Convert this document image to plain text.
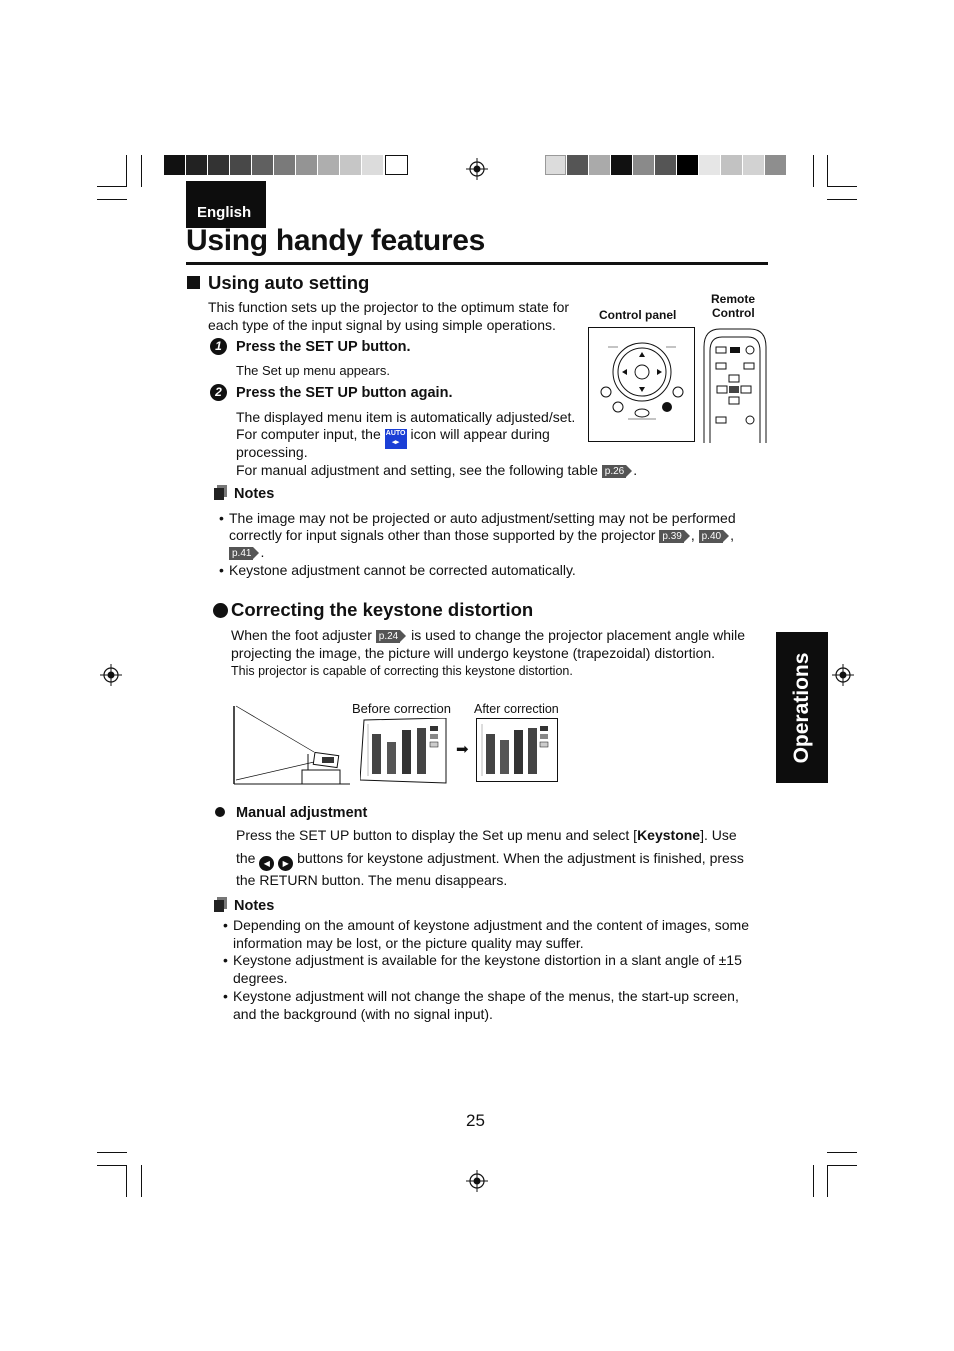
English
Using handy features
Operations
Using auto setting
This function sets up the projector to the optimum state for
each type of the input signal by using simple operations.
1 Press the SET UP button.
The Set up menu appears.
2 Press the SET UP button again.
The displayed menu item is automatically adjusted/set.
For computer input, the AUTO
◂▸ icon will appear during
processing.
For manual adjustment and setting, see the following table p.26 .
Control panel
Remote
Control
Notes
• The image may not be projected or auto adjustment/setting may not be performed
correctly for input signals other than those supported by the projector p.39 , p.40 ,
p.41 .
• Keystone adjustment cannot be corrected automatically.
Correcting the keystone distortion
When the foot adjuster p.24 is used to change the projector placement angle while
projecting the image, the picture will undergo keystone (trapezoidal) distortion.
This projector is capable of correcting this keystone distortion.
Before correction After correction
➡
Manual adjustment
Press the SET UP button to display the Set up menu and select [Keystone]. Use
the ◀ ▶ buttons for keystone adjustment. When the adjustment is finished, press
the RETURN button. The menu disappears.
Notes
• Depending on the amount of keystone adjustment and the content of images, some
information may be lost, or the picture quality may suffer.
• Keystone adjustment is available for the keystone distortion in a slant angle of ±15
degrees.
• Keystone adjustment will not change the shape of the menus, the start-up screen,
and the background (with no signal input).
25
